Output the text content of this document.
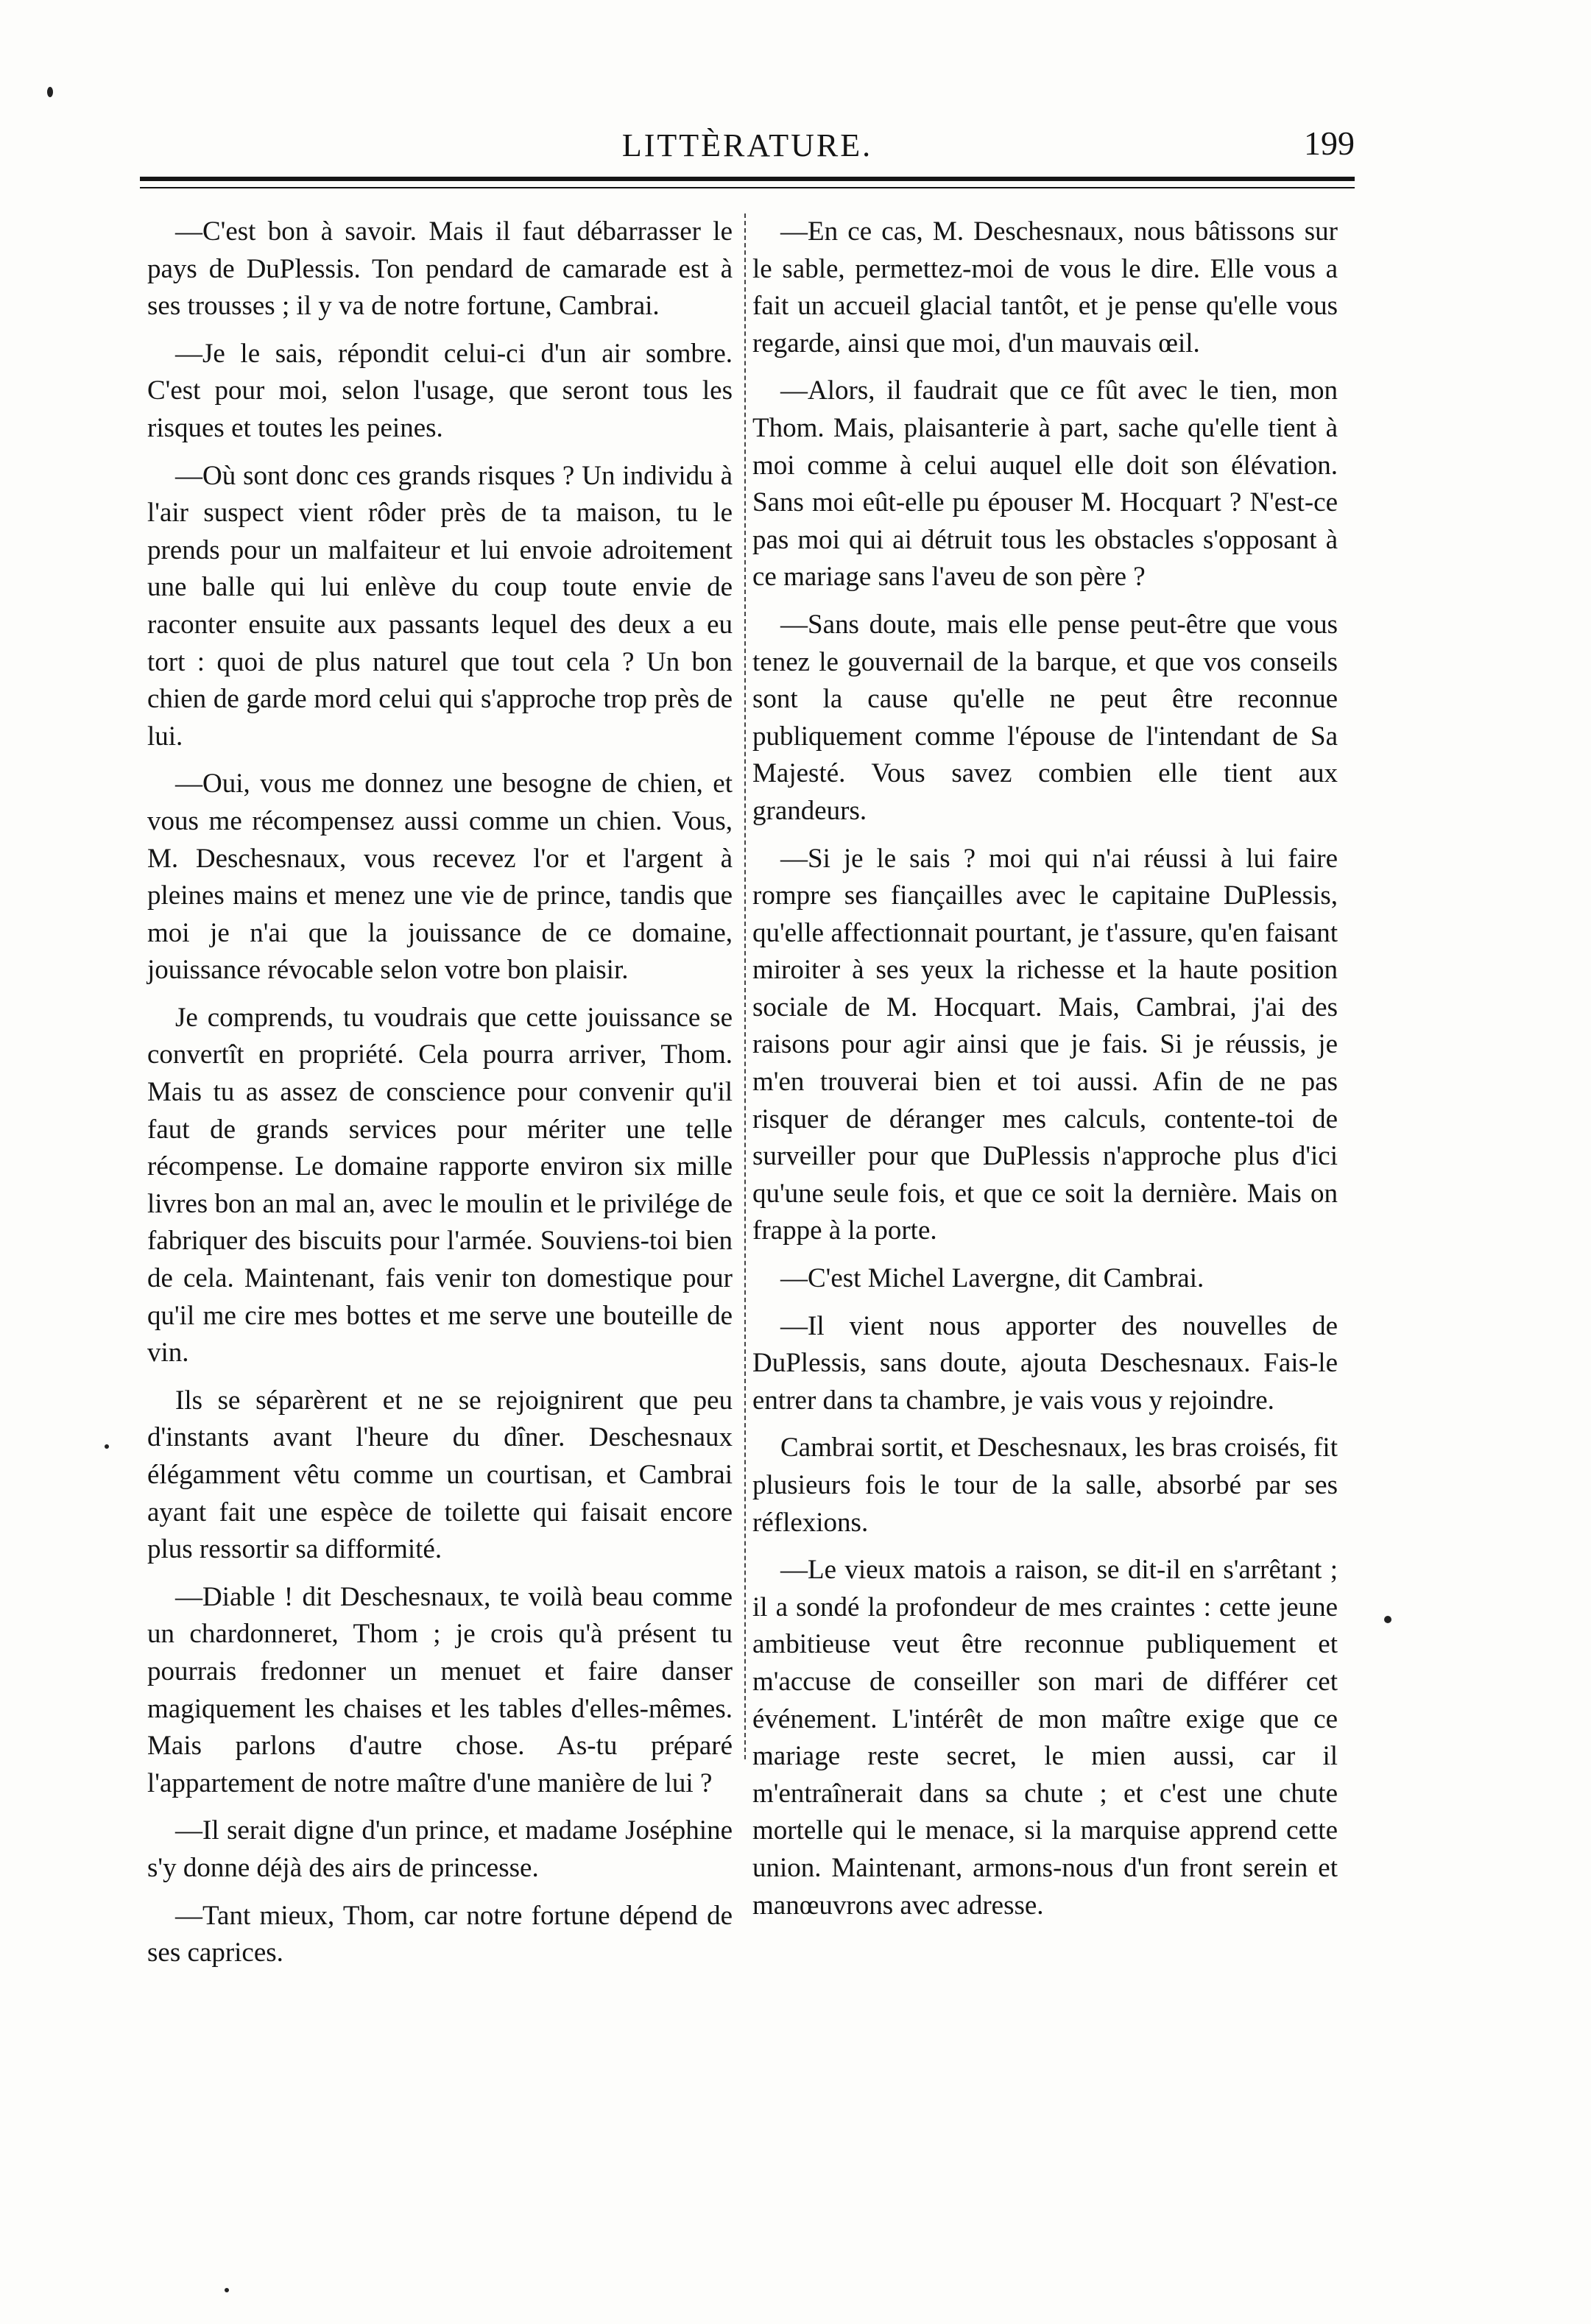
LITTÈRATURE.	199

—C'est bon à savoir. Mais il faut débarrasser le pays de DuPlessis. Ton pendard de camarade est à ses trousses ; il y va de notre fortune, Cambrai.

—Je le sais, répondit celui-ci d'un air sombre. C'est pour moi, selon l'usage, que seront tous les risques et toutes les peines.

—Où sont donc ces grands risques ? Un individu à l'air suspect vient rôder près de ta maison, tu le prends pour un malfaiteur et lui envoie adroitement une balle qui lui enlève du coup toute envie de raconter ensuite aux passants lequel des deux a eu tort : quoi de plus naturel que tout cela ? Un bon chien de garde mord celui qui s'approche trop près de lui.

—Oui, vous me donnez une besogne de chien, et vous me récompensez aussi comme un chien. Vous, M. Deschesnaux, vous recevez l'or et l'argent à pleines mains et menez une vie de prince, tandis que moi je n'ai que la jouissance de ce domaine, jouissance révocable selon votre bon plaisir.

Je comprends, tu voudrais que cette jouissance se convertît en propriété. Cela pourra arriver, Thom. Mais tu as assez de conscience pour convenir qu'il faut de grands services pour mériter une telle récompense. Le domaine rapporte environ six mille livres bon an mal an, avec le moulin et le privilége de fabriquer des biscuits pour l'armée. Souviens-toi bien de cela. Maintenant, fais venir ton domestique pour qu'il me cire mes bottes et me serve une bouteille de vin.

Ils se séparèrent et ne se rejoignirent que peu d'instants avant l'heure du dîner. Deschesnaux élégamment vêtu comme un courtisan, et Cambrai ayant fait une espèce de toilette qui faisait encore plus ressortir sa difformité.

—Diable ! dit Deschesnaux, te voilà beau comme un chardonneret, Thom ; je crois qu'à présent tu pourrais fredonner un menuet et faire danser magiquement les chaises et les tables d'elles-mêmes. Mais parlons d'autre chose. As-tu préparé l'appartement de notre maître d'une manière de lui ?

—Il serait digne d'un prince, et madame Joséphine s'y donne déjà des airs de princesse.

—Tant mieux, Thom, car notre fortune dépend de ses caprices.

—En ce cas, M. Deschesnaux, nous bâtissons sur le sable, permettez-moi de vous le dire. Elle vous a fait un accueil glacial tantôt, et je pense qu'elle vous regarde, ainsi que moi, d'un mauvais œil.

—Alors, il faudrait que ce fût avec le tien, mon Thom. Mais, plaisanterie à part, sache qu'elle tient à moi comme à celui auquel elle doit son élévation. Sans moi eût-elle pu épouser M. Hocquart ? N'est-ce pas moi qui ai détruit tous les obstacles s'opposant à ce mariage sans l'aveu de son père ?

—Sans doute, mais elle pense peut-être que vous tenez le gouvernail de la barque, et que vos conseils sont la cause qu'elle ne peut être reconnue publiquement comme l'épouse de l'intendant de Sa Majesté. Vous savez combien elle tient aux grandeurs.

—Si je le sais ? moi qui n'ai réussi à lui faire rompre ses fiançailles avec le capitaine DuPlessis, qu'elle affectionnait pourtant, je t'assure, qu'en faisant miroiter à ses yeux la richesse et la haute position sociale de M. Hocquart. Mais, Cambrai, j'ai des raisons pour agir ainsi que je fais. Si je réussis, je m'en trouverai bien et toi aussi. Afin de ne pas risquer de déranger mes calculs, contente-toi de surveiller pour que DuPlessis n'approche plus d'ici qu'une seule fois, et que ce soit la dernière. Mais on frappe à la porte.

—C'est Michel Lavergne, dit Cambrai.

—Il vient nous apporter des nouvelles de DuPlessis, sans doute, ajouta Deschesnaux. Fais-le entrer dans ta chambre, je vais vous y rejoindre.

Cambrai sortit, et Deschesnaux, les bras croisés, fit plusieurs fois le tour de la salle, absorbé par ses réflexions.

—Le vieux matois a raison, se dit-il en s'arrêtant ; il a sondé la profondeur de mes craintes : cette jeune ambitieuse veut être reconnue publiquement et m'accuse de conseiller son mari de différer cet événement. L'intérêt de mon maître exige que ce mariage reste secret, le mien aussi, car il m'entraînerait dans sa chute ; et c'est une chute mortelle qui le menace, si la marquise apprend cette union. Maintenant, armons-nous d'un front serein et manœuvrons avec adresse.
